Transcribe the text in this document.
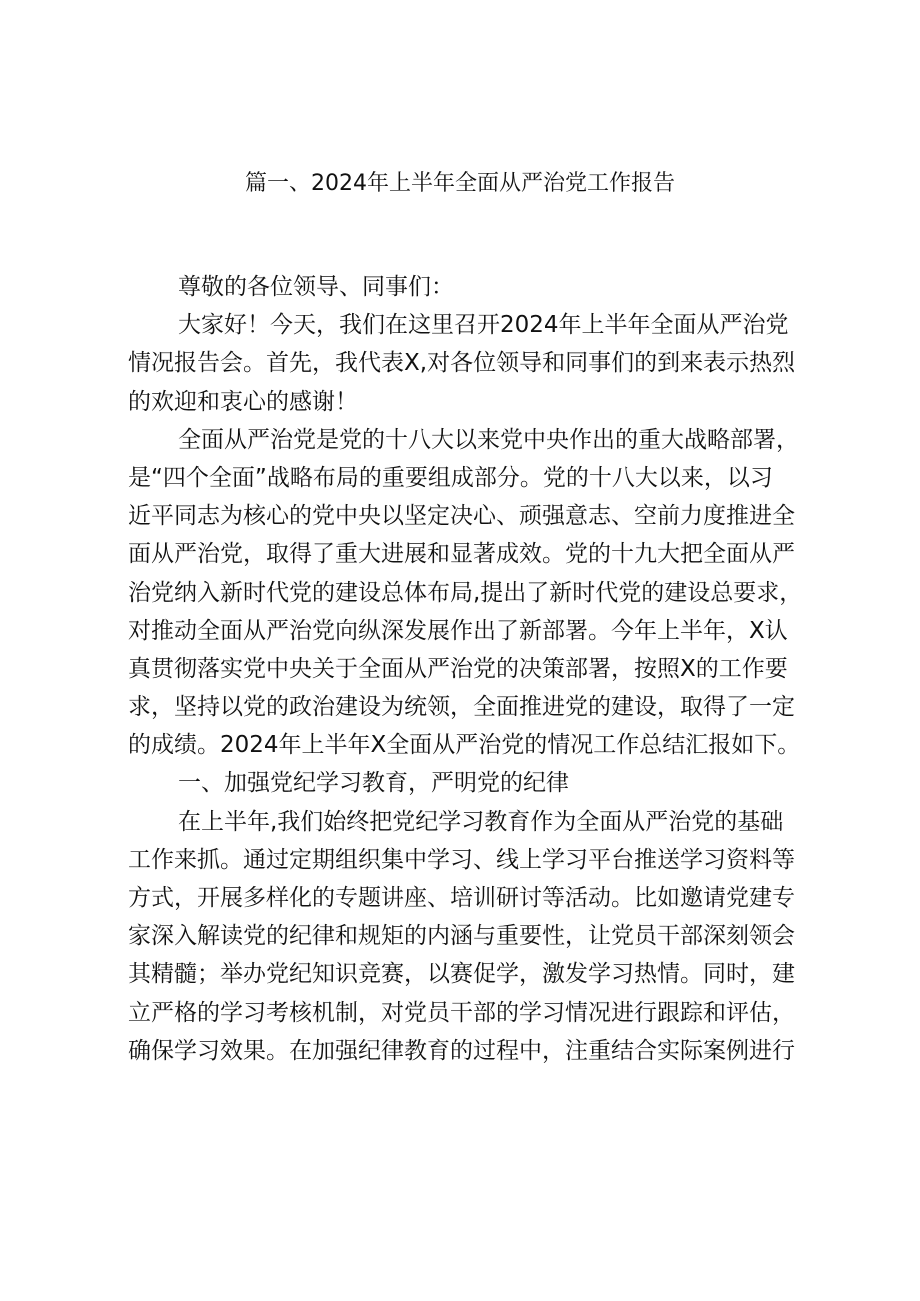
篇一、2024年上半年全面从严治党工作报告
尊敬的各位领导、同事们：
大家好！今天，我们在这里召开2024年上半年全面从严治党
情况报告会。首先，我代表X,对各位领导和同事们的到来表示热烈
的欢迎和衷心的感谢！
全面从严治党是党的十八大以来党中央作出的重大战略部署，
是“四个全面”战略布局的重要组成部分。党的十八大以来，以习
近平同志为核心的党中央以坚定决心、顽强意志、空前力度推进全
面从严治党，取得了重大进展和显著成效。党的十九大把全面从严
治党纳入新时代党的建设总体布局,提出了新时代党的建设总要求，
对推动全面从严治党向纵深发展作出了新部署。今年上半年，X认
真贯彻落实党中央关于全面从严治党的决策部署，按照X的工作要
求，坚持以党的政治建设为统领，全面推进党的建设，取得了一定
的成绩。2024年上半年X全面从严治党的情况工作总结汇报如下。
一、加强党纪学习教育，严明党的纪律
在上半年,我们始终把党纪学习教育作为全面从严治党的基础
工作来抓。通过定期组织集中学习、线上学习平台推送学习资料等
方式，开展多样化的专题讲座、培训研讨等活动。比如邀请党建专
家深入解读党的纪律和规矩的内涵与重要性，让党员干部深刻领会
其精髓；举办党纪知识竞赛，以赛促学，激发学习热情。同时，建
立严格的学习考核机制，对党员干部的学习情况进行跟踪和评估，
确保学习效果。在加强纪律教育的过程中，注重结合实际案例进行
